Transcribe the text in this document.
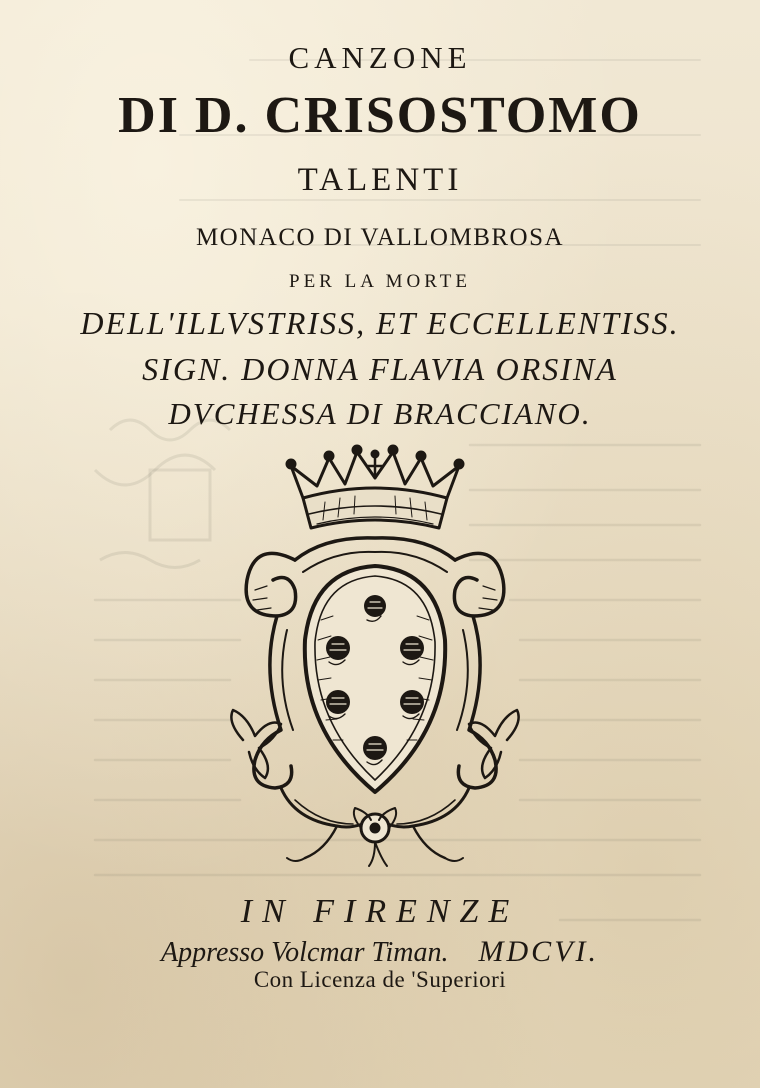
CANZONE
DI D. CRISOSTOMO
TALENTI
MONACO DI VALLOMBROSA
PER LA MORTE
DELL'ILLVSTRISS, ET ECCELLENTISS.
SIGN. DONNA FLAVIA ORSINA
DVCHESSA DI BRACCIANO.
IN FIRENZE
Appresso Volcmar Timan. MDCVI.
Con Licenza de 'Superiori
